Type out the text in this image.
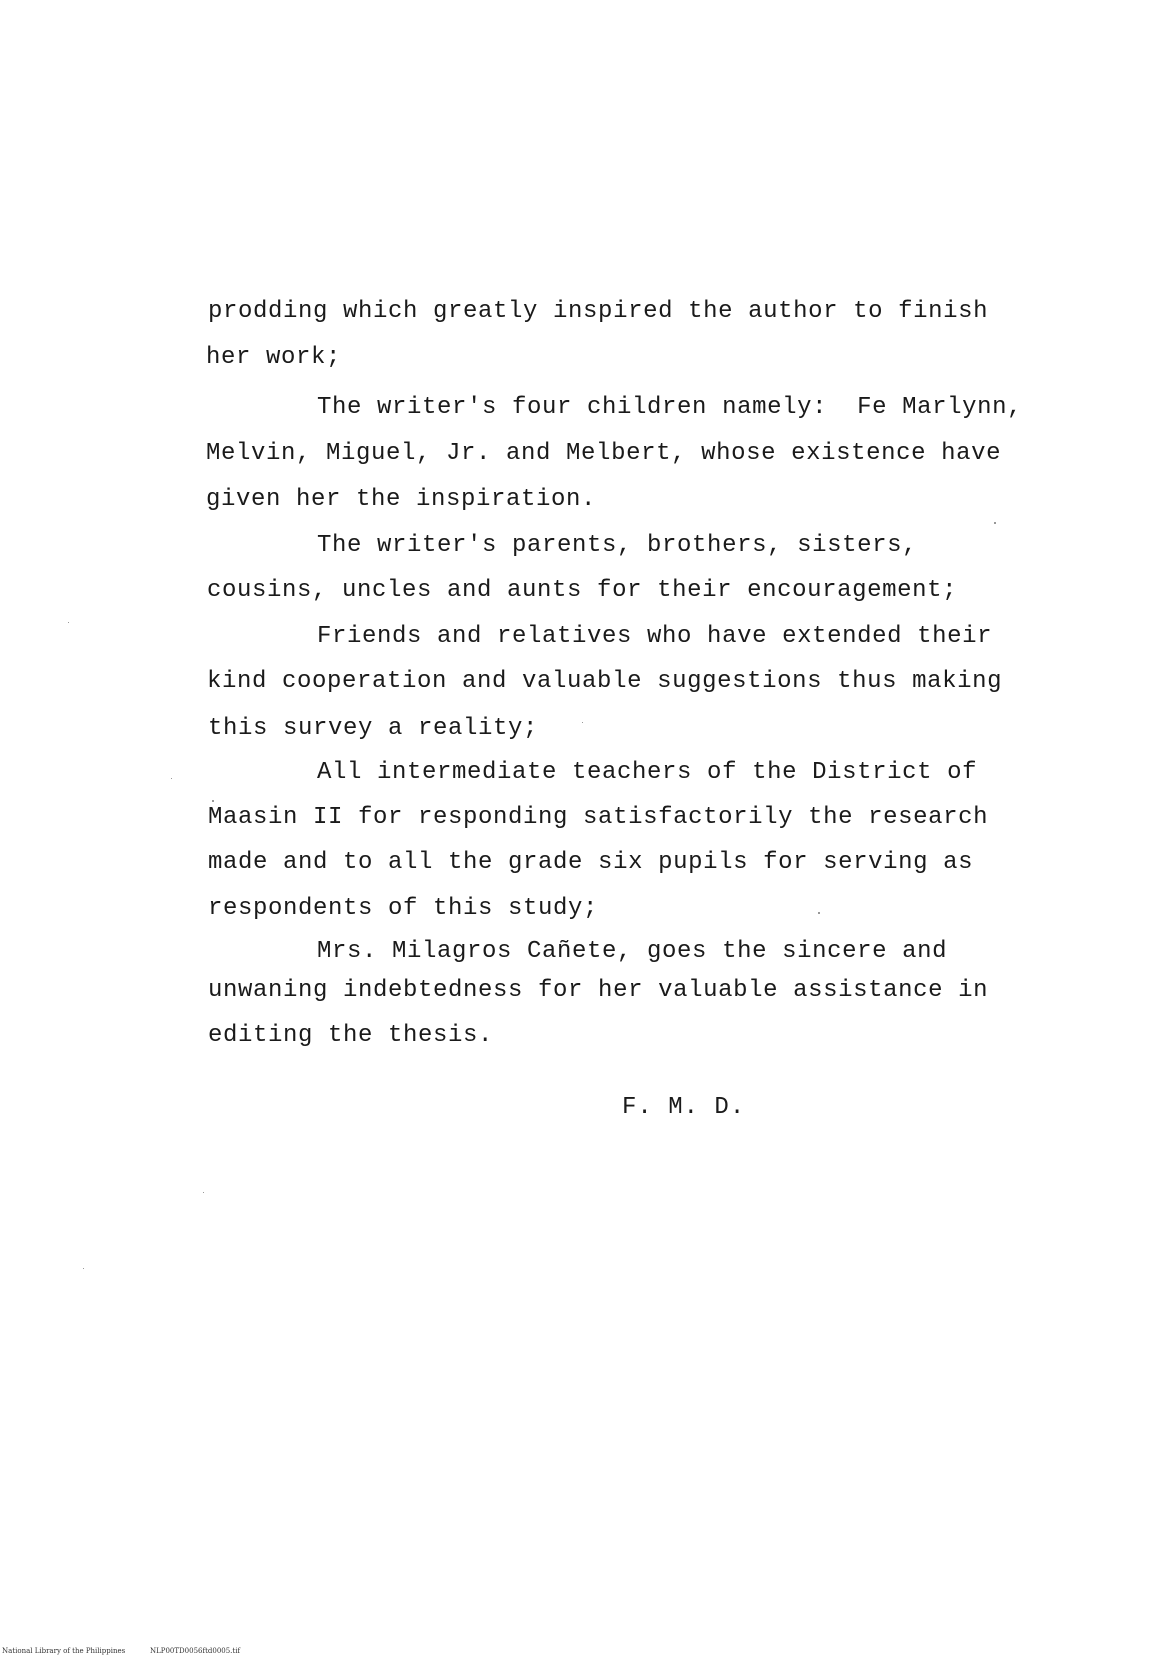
prodding which greatly inspired the author to finish
her work;
The writer's four children namely:  Fe Marlynn,
Melvin, Miguel, Jr. and Melbert, whose existence have
given her the inspiration.
The writer's parents, brothers, sisters,
cousins, uncles and aunts for their encouragement;
Friends and relatives who have extended their
kind cooperation and valuable suggestions thus making
this survey a reality;
All intermediate teachers of the District of
Maasin II for responding satisfactorily the research
made and to all the grade six pupils for serving as
respondents of this study;
Mrs. Milagros Cañete, goes the sincere and
unwaning indebtedness for her valuable assistance in
editing the thesis.
F. M. D.
National Library of the Philippines	NLP00TD0056ftd0005.tif
